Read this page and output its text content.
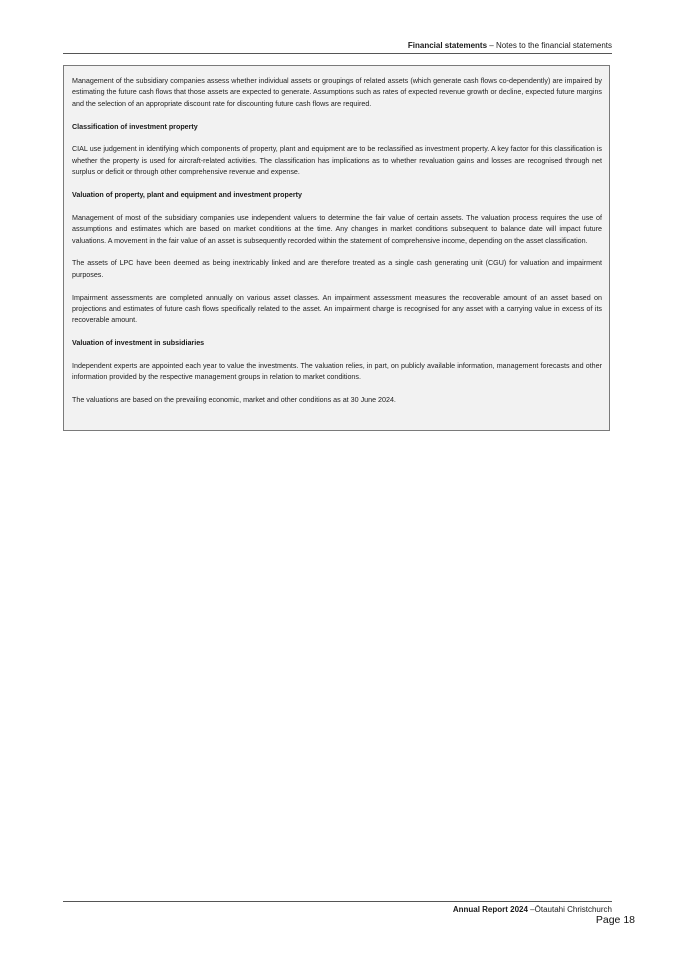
Financial statements – Notes to the financial statements

Management of the subsidiary companies assess whether individual assets or groupings of related assets (which generate cash flows co-dependently) are impaired by estimating the future cash flows that those assets are expected to generate. Assumptions such as rates of expected revenue growth or decline, expected future margins and the selection of an appropriate discount rate for discounting future cash flows are required.

Classification of investment property

CIAL use judgement in identifying which components of property, plant and equipment are to be reclassified as investment property. A key factor for this classification is whether the property is used for aircraft-related activities. The classification has implications as to whether revaluation gains and losses are recognised through net surplus or deficit or through other comprehensive revenue and expense.

Valuation of property, plant and equipment and investment property

Management of most of the subsidiary companies use independent valuers to determine the fair value of certain assets. The valuation process requires the use of assumptions and estimates which are based on market conditions at the time. Any changes in market conditions subsequent to balance date will impact future valuations. A movement in the fair value of an asset is subsequently recorded within the statement of comprehensive income, depending on the asset classification.

The assets of LPC have been deemed as being inextricably linked and are therefore treated as a single cash generating unit (CGU) for valuation and impairment purposes.

Impairment assessments are completed annually on various asset classes. An impairment assessment measures the recoverable amount of an asset based on projections and estimates of future cash flows specifically related to the asset. An impairment charge is recognised for any asset with a carrying value in excess of its recoverable amount.

Valuation of investment in subsidiaries

Independent experts are appointed each year to value the investments. The valuation relies, in part, on publicly available information, management forecasts and other information provided by the respective management groups in relation to market conditions.

The valuations are based on the prevailing economic, market and other conditions as at 30 June 2024.

Annual Report 2024 –Ōtautahi Christchurch
Page 18
